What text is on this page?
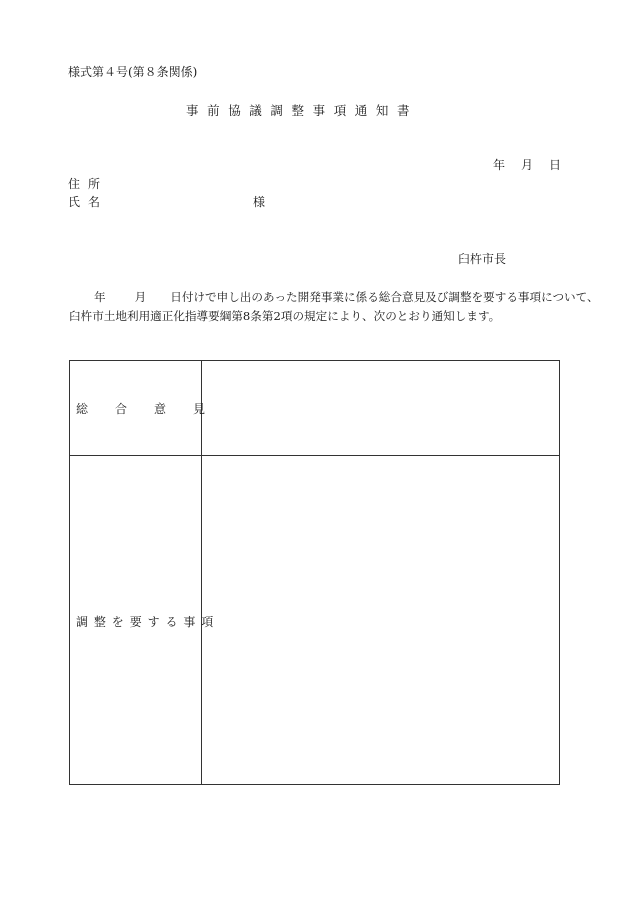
様式第４号(第８条関係)
事前協議調整事項通知書
年 月 日
住所
氏名	様
臼杵市長
年	月 日付けで申し出のあった開発事業に係る総合意見及び調整を要する事項について、
臼杵市土地利用適正化指導要綱第8条第2項の規定により、次のとおり通知します。
総合意見
調整を要する事項
